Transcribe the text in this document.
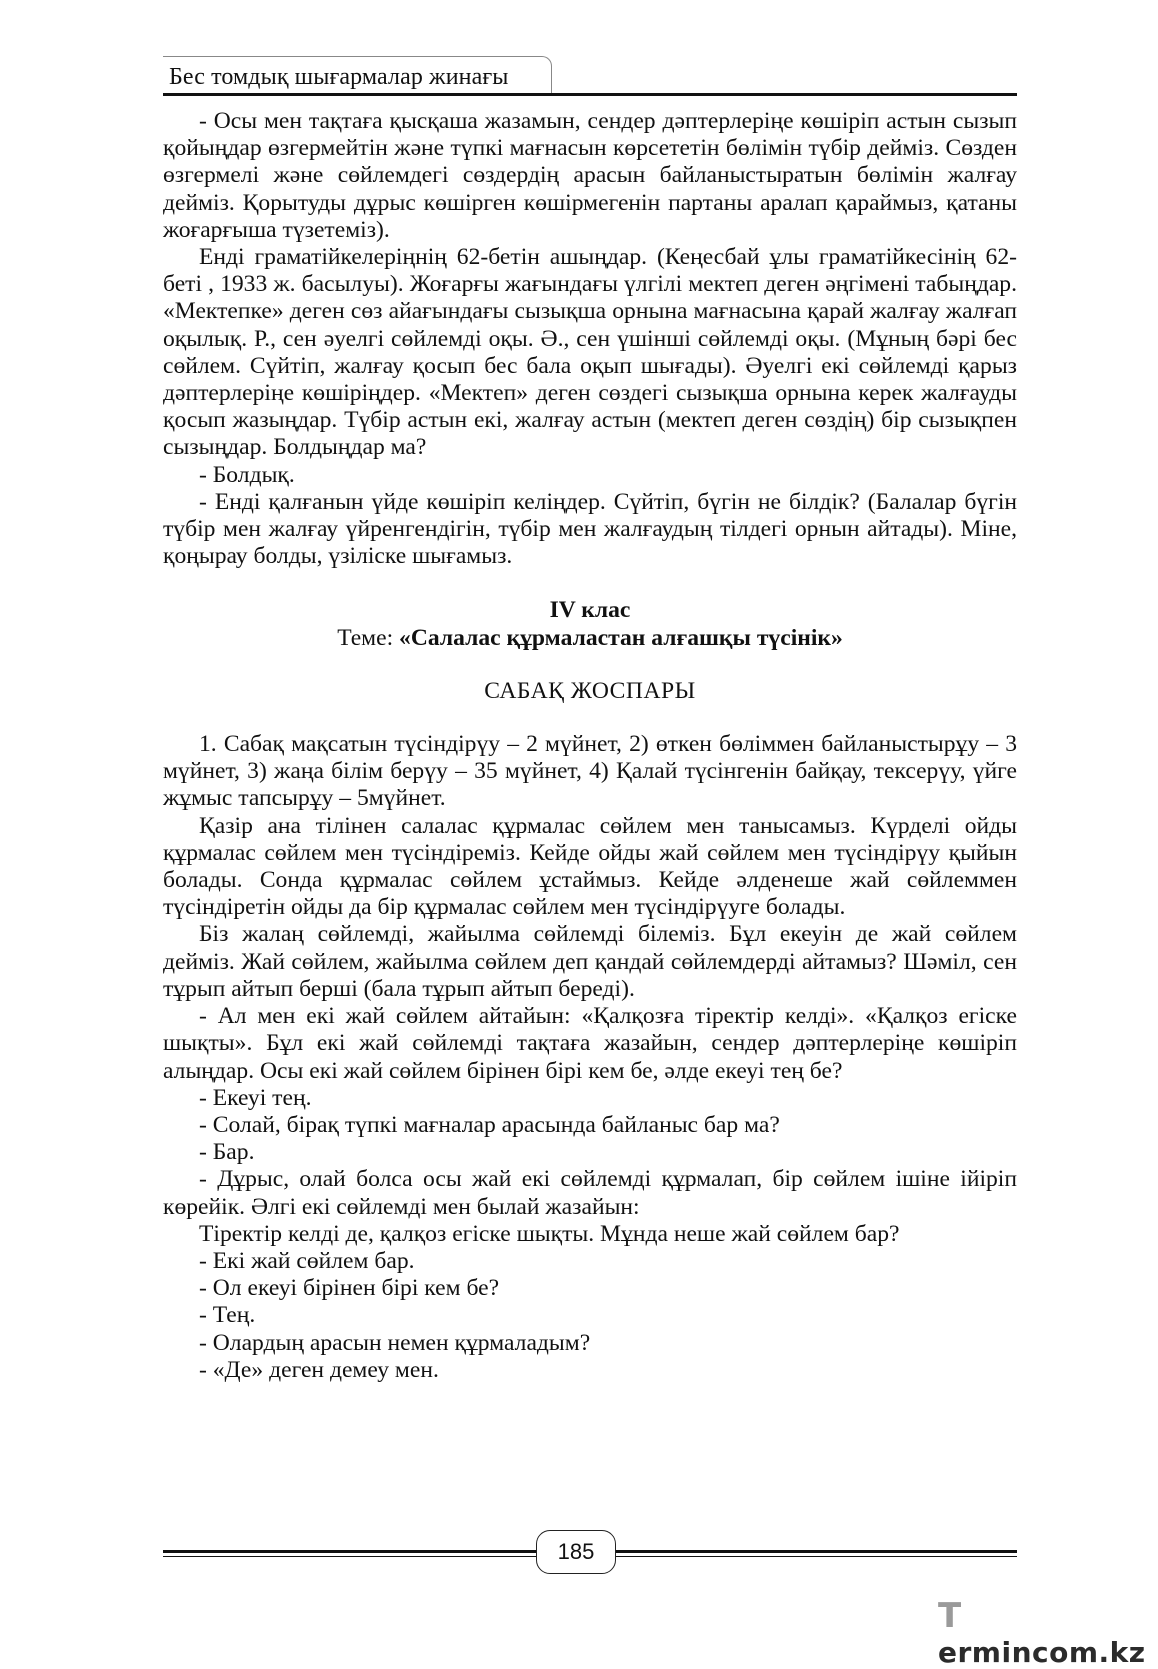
Бес томдық шығармалар жинағы

- Осы мен тақтаға қысқаша жазамын, сендер дәптерлеріңе көшіріп астын сызып қойыңдар өзгермейтін және түпкі мағнасын көрсететін бөлімін түбір дейміз. Сөзден өзгермелі және сөйлемдегі сөздердің арасын байланыстыратын бөлімін жалғау дейміз. Қорытуды дұрыс көшірген көшірмегенін партаны аралап қараймыз, қатаны жоғарғыша түзетеміз).

Енді граматійкелеріңнің 62-бетін ашыңдар. (Кеңесбай ұлы граматійкесінің 62- беті , 1933 ж. басылуы). Жоғарғы жағындағы үлгілі мектеп деген әңгімені табыңдар. «Мектепке» деген сөз айағындағы сызықша орнына мағнасына қарай жалғау жалғап оқылық. Р., сен әуелгі сөйлемді оқы. Ә., сен үшінші сөйлемді оқы. (Мұның бәрі бес сөйлем. Сүйтіп, жалғау қосып бес бала оқып шығады). Әуелгі екі сөйлемді қарыз дәптерлеріңе көшіріңдер. «Мектеп» деген сөздегі сызықша орнына керек жалғауды қосып жазыңдар. Түбір астын екі, жалғау астын (мектеп деген сөздің) бір сызықпен сызыңдар. Болдыңдар ма?

- Болдық.

- Енді қалғанын үйде көшіріп келіңдер. Сүйтіп, бүгін не білдік? (Балалар бүгін түбір мен жалғау үйренгендігін, түбір мен жалғаудың тілдегі орнын айтады). Міне, қоңырау болды, үзіліске шығамыз.

IV клас

Теме: «Салалас құрмаластан алғашқы түсінік»

САБАҚ ЖОСПАРЫ

1. Сабақ мақсатын түсіндірүу – 2 мүйнет, 2) өткен бөліммен байланыстырұу – 3 мүйнет, 3) жаңа білім берүу – 35 мүйнет, 4) Қалай түсінгенін байқау, тексерүу, үйге жұмыс тапсырұу – 5мүйнет.

Қазір ана тілінен салалас құрмалас сөйлем мен танысамыз. Күрделі ойды құрмалас сөйлем мен түсіндіреміз. Кейде ойды жай сөйлем мен түсіндірүу қыйын болады. Сонда құрмалас сөйлем ұстаймыз. Кейде әлденеше жай сөйлеммен түсіндіретін ойды да бір құрмалас сөйлем мен түсіндірүуге болады.

Біз жалаң сөйлемді, жайылма сөйлемді білеміз. Бұл екеуін де жай сөйлем дейміз. Жай сөйлем, жайылма сөйлем деп қандай сөйлемдерді айтамыз? Шәміл, сен тұрып айтып берші (бала тұрып айтып береді).

- Ал мен екі жай сөйлем айтайын: «Қалқозға тіректір келді». «Қалқоз егіске шықты». Бұл екі жай сөйлемді тақтаға жазайын, сендер дәптерлеріңе көшіріп алыңдар. Осы екі жай сөйлем бірінен бірі кем бе, әлде екеуі тең бе?

- Екеуі тең.

- Солай, бірақ түпкі мағналар арасында байланыс бар ма?

- Бар.

- Дұрыс, олай болса осы жай екі сөйлемді құрмалап, бір сөйлем ішіне ійіріп көрейік. Әлгі екі сөйлемді мен былай жазайын:

Тіректір келді де, қалқоз егіске шықты. Мұнда неше жай сөйлем бар?

- Екі жай сөйлем бар.

- Ол екеуі бірінен бірі кем бе?

- Тең.

- Олардың арасын немен құрмаладым?

- «Де» деген демеу мен.

185
Termincоm.kz
